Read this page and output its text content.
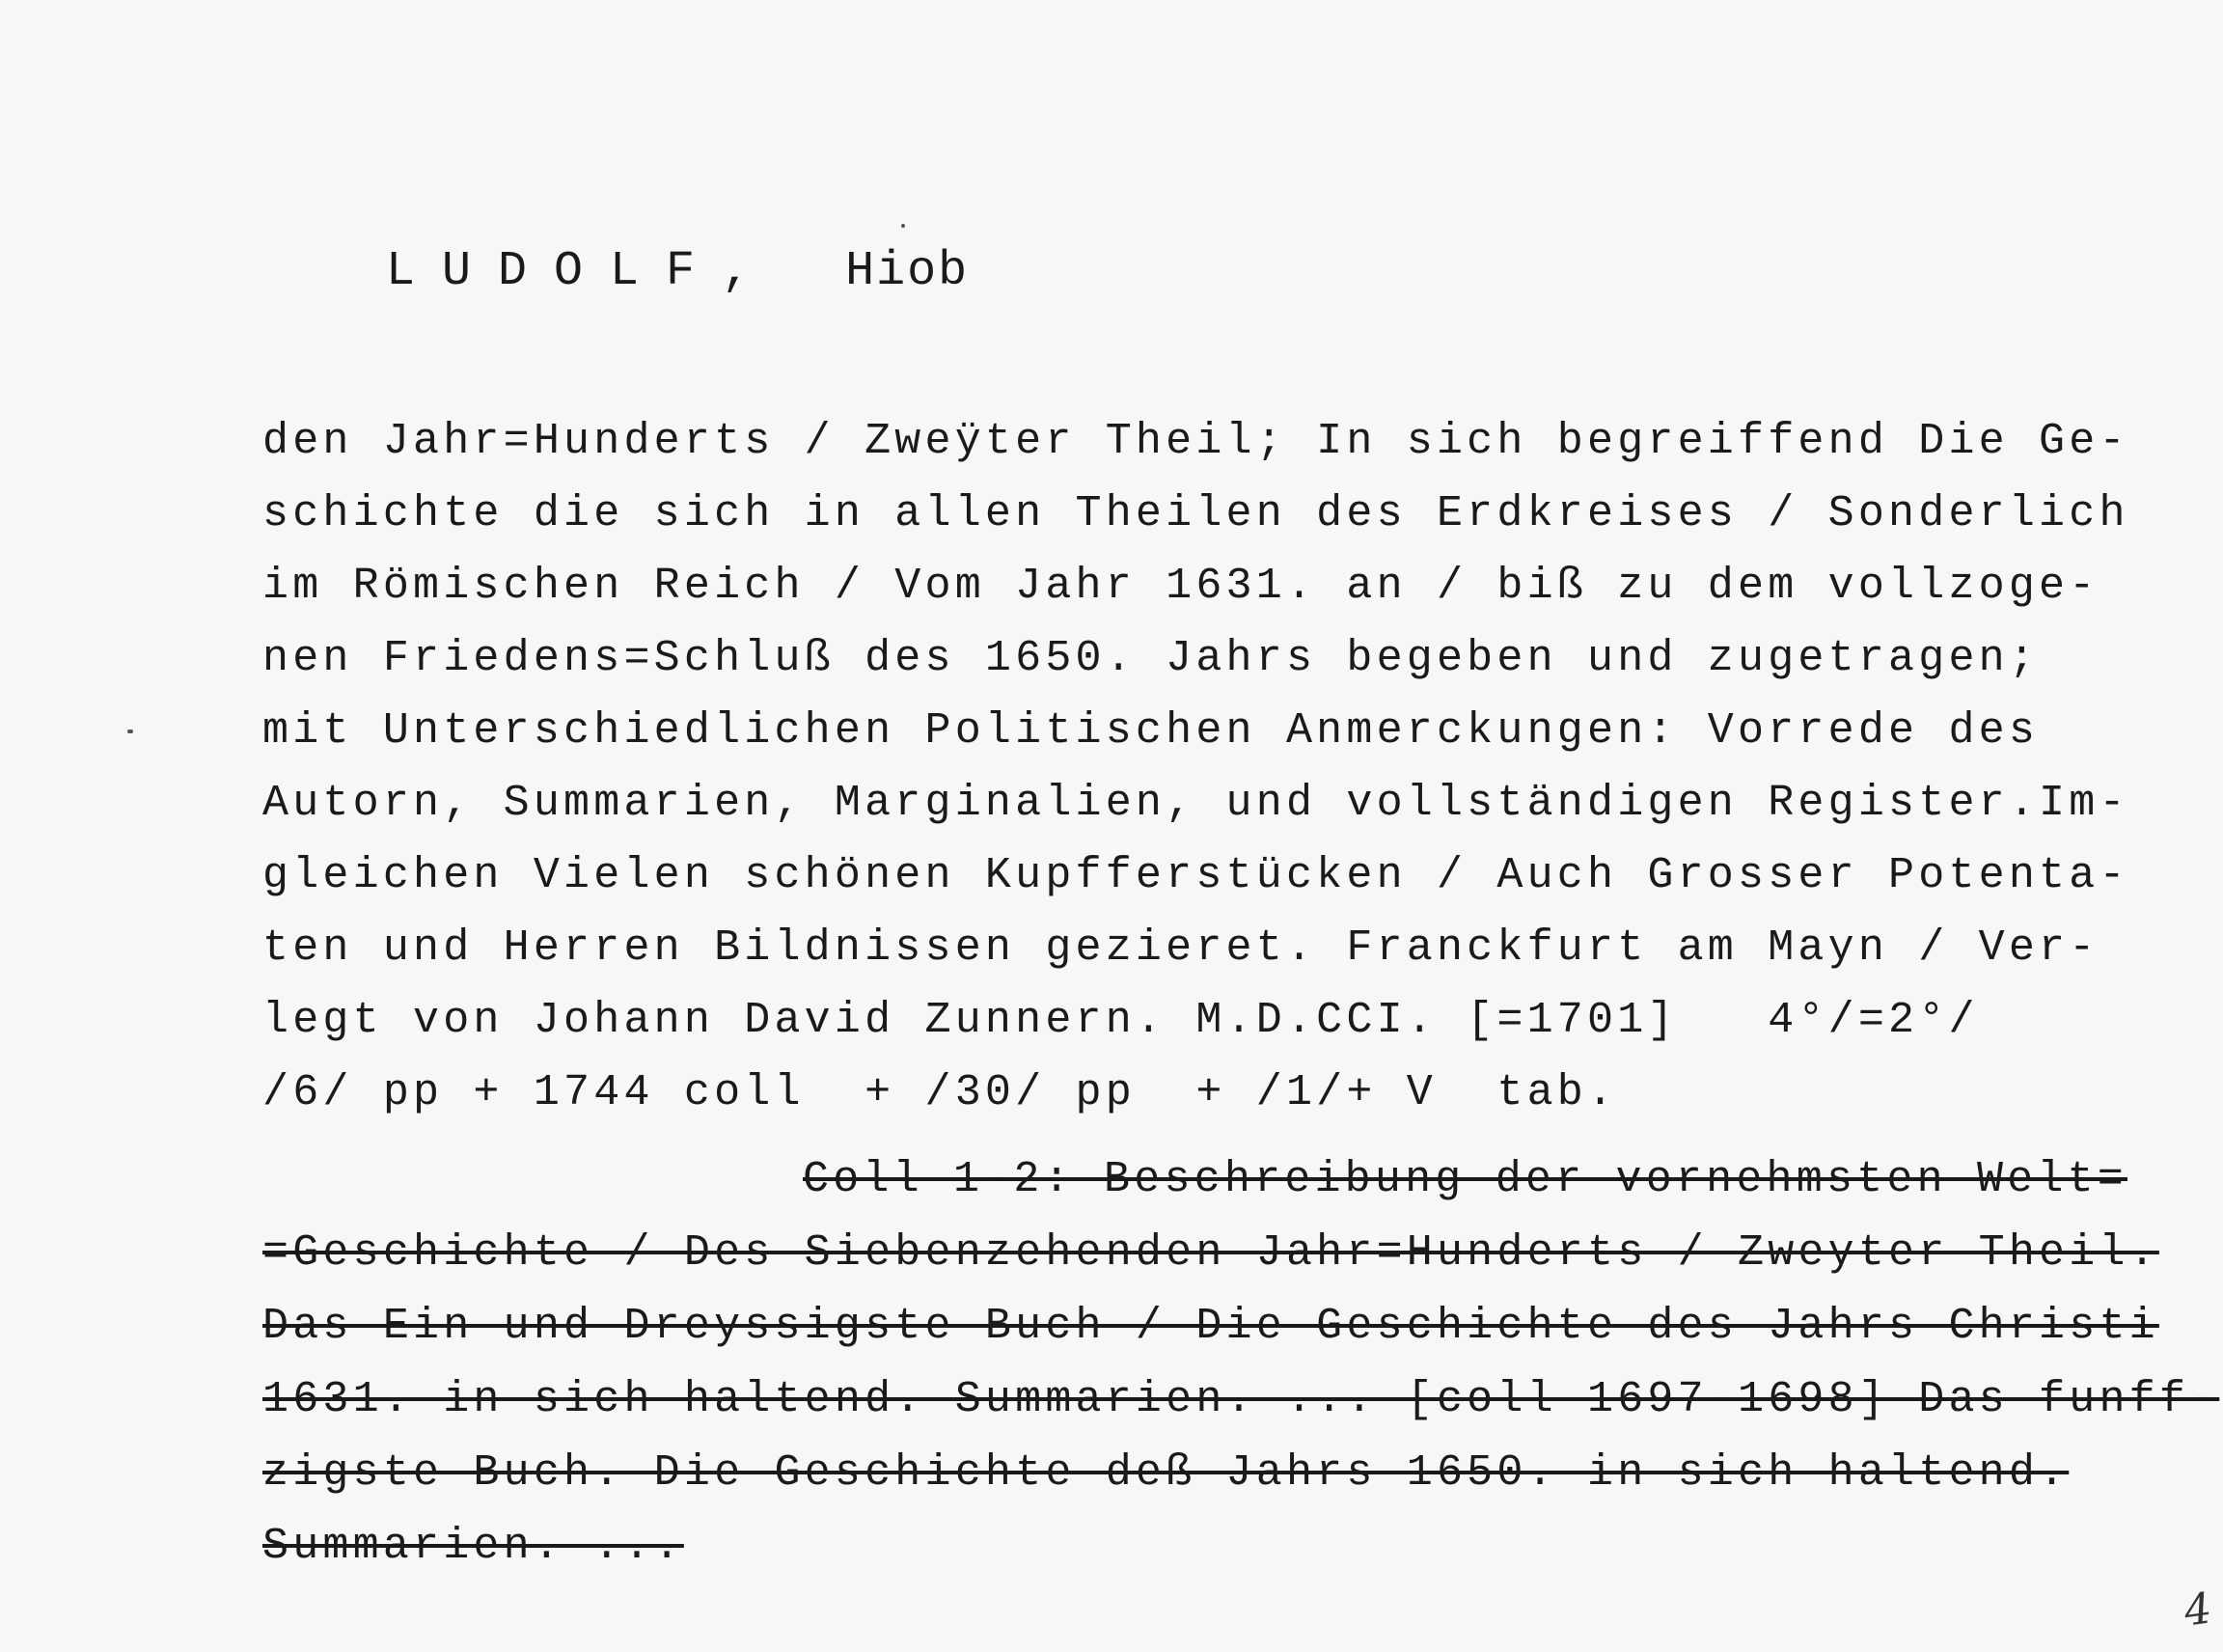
LUDOLF, Hiob

den Jahr=Hunderts / Zweÿter Theil; In sich begreiffend Die Ge-
schichte die sich in allen Theilen des Erdkreises / Sonderlich
im Römischen Reich / Vom Jahr 1631. an / biß zu dem vollzoge-
nen Friedens=Schluß des 1650. Jahrs begeben und zugetragen;
mit Unterschiedlichen Politischen Anmerckungen: Vorrede des
Autorn, Summarien, Marginalien, und vollständigen Register.Im-
gleichen Vielen schönen Kupfferstücken / Auch Grosser Potenta-
ten und Herren Bildnissen gezieret. Franckfurt am Mayn / Ver-
legt von Johann David Zunnern. M.D.CCI. [=1701]   4°/=2°/
/6/ pp + 1744 coll  + /30/ pp  + /1/+ V  tab.
Coll 1-2: Beschreibung der vornehmsten Welt=
=Geschichte / Des Siebenzehenden Jahr=Hunderts / Zweyter Theil.
Das Ein und Dreyssigste Buch / Die Geschichte des Jahrs Christi
1631. in sich haltend. Summarien. ... [coll 1697-1698] Das funff-
zigste Buch. Die Geschichte deß Jahrs 1650. in sich haltend.
Summarien. ...
4
